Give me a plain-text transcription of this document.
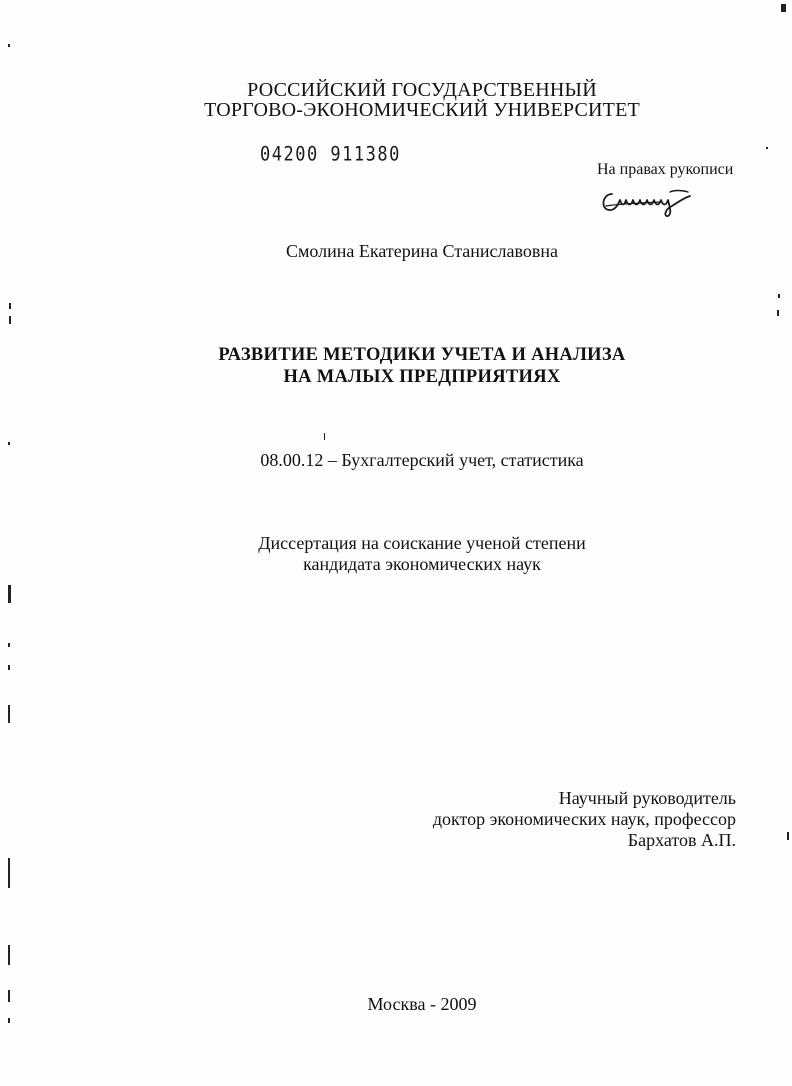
РОССИЙСКИЙ ГОСУДАРСТВЕННЫЙ
ТОРГОВО-ЭКОНОМИЧЕСКИЙ УНИВЕРСИТЕТ
04200 911380
На правах рукописи
Смолина Екатерина Станиславовна
РАЗВИТИЕ МЕТОДИКИ УЧЕТА И АНАЛИЗА
НА МАЛЫХ ПРЕДПРИЯТИЯХ
08.00.12 – Бухгалтерский учет, статистика
Диссертация на соискание ученой степени
кандидата экономических наук
Научный руководитель
доктор экономических наук, профессор
Бархатов А.П.
Москва - 2009
